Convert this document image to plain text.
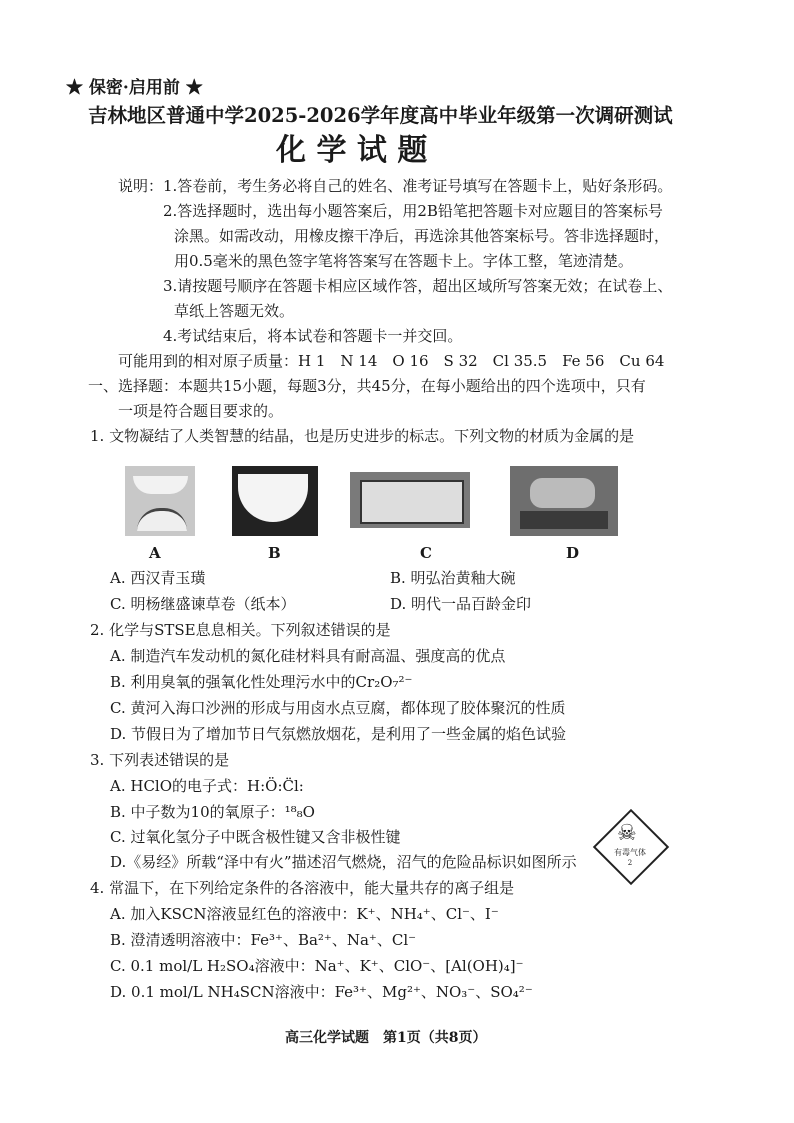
★ 保密·启用前 ★
吉林地区普通中学2025-2026学年度高中毕业年级第一次调研测试
化 学 试 题
说明： 1.答卷前，考生务必将自己的姓名、准考证号填写在答题卡上，贴好条形码。
2.答选择题时，选出每小题答案后，用2B铅笔把答题卡对应题目的答案标号
涂黑。如需改动，用橡皮擦干净后，再选涂其他答案标号。答非选择题时，
用0.5毫米的黑色签字笔将答案写在答题卡上。字体工整，笔迹清楚。
3.请按题号顺序在答题卡相应区域作答，超出区域所写答案无效；在试卷上、
草纸上答题无效。
4.考试结束后，将本试卷和答题卡一并交回。
可能用到的相对原子质量：H 1　N 14　O 16　S 32　Cl 35.5　Fe 56　Cu 64
一、选择题：本题共15小题，每题3分，共45分，在每小题给出的四个选项中，只有
一项是符合题目要求的。
1. 文物凝结了人类智慧的结晶，也是历史进步的标志。下列文物的材质为金属的是
A	B	C	D
A. 西汉青玉璜	B. 明弘治黄釉大碗
C. 明杨继盛谏草卷（纸本）	D. 明代一品百龄金印
2. 化学与STSE息息相关。下列叙述错误的是
A. 制造汽车发动机的氮化硅材料具有耐高温、强度高的优点
B. 利用臭氧的强氧化性处理污水中的Cr₂O₇²⁻
C. 黄河入海口沙洲的形成与用卤水点豆腐，都体现了胶体聚沉的性质
D. 节假日为了增加节日气氛燃放烟花，是利用了一些金属的焰色试验
3. 下列表述错误的是
A. HClO的电子式：H:Ö:C̈l:
B. 中子数为10的氧原子：¹⁸₈O
C. 过氧化氢分子中既含极性键又含非极性键
D.《易经》所载“泽中有火”描述沼气燃烧，沼气的危险品标识如图所示
☠
有毒气体
2
4. 常温下，在下列给定条件的各溶液中，能大量共存的离子组是
A. 加入KSCN溶液显红色的溶液中：K⁺、NH₄⁺、Cl⁻、I⁻
B. 澄清透明溶液中：Fe³⁺、Ba²⁺、Na⁺、Cl⁻
C. 0.1 mol/L H₂SO₄溶液中：Na⁺、K⁺、ClO⁻、[Al(OH)₄]⁻
D. 0.1 mol/L NH₄SCN溶液中：Fe³⁺、Mg²⁺、NO₃⁻、SO₄²⁻
高三化学试题　第1页（共8页）
